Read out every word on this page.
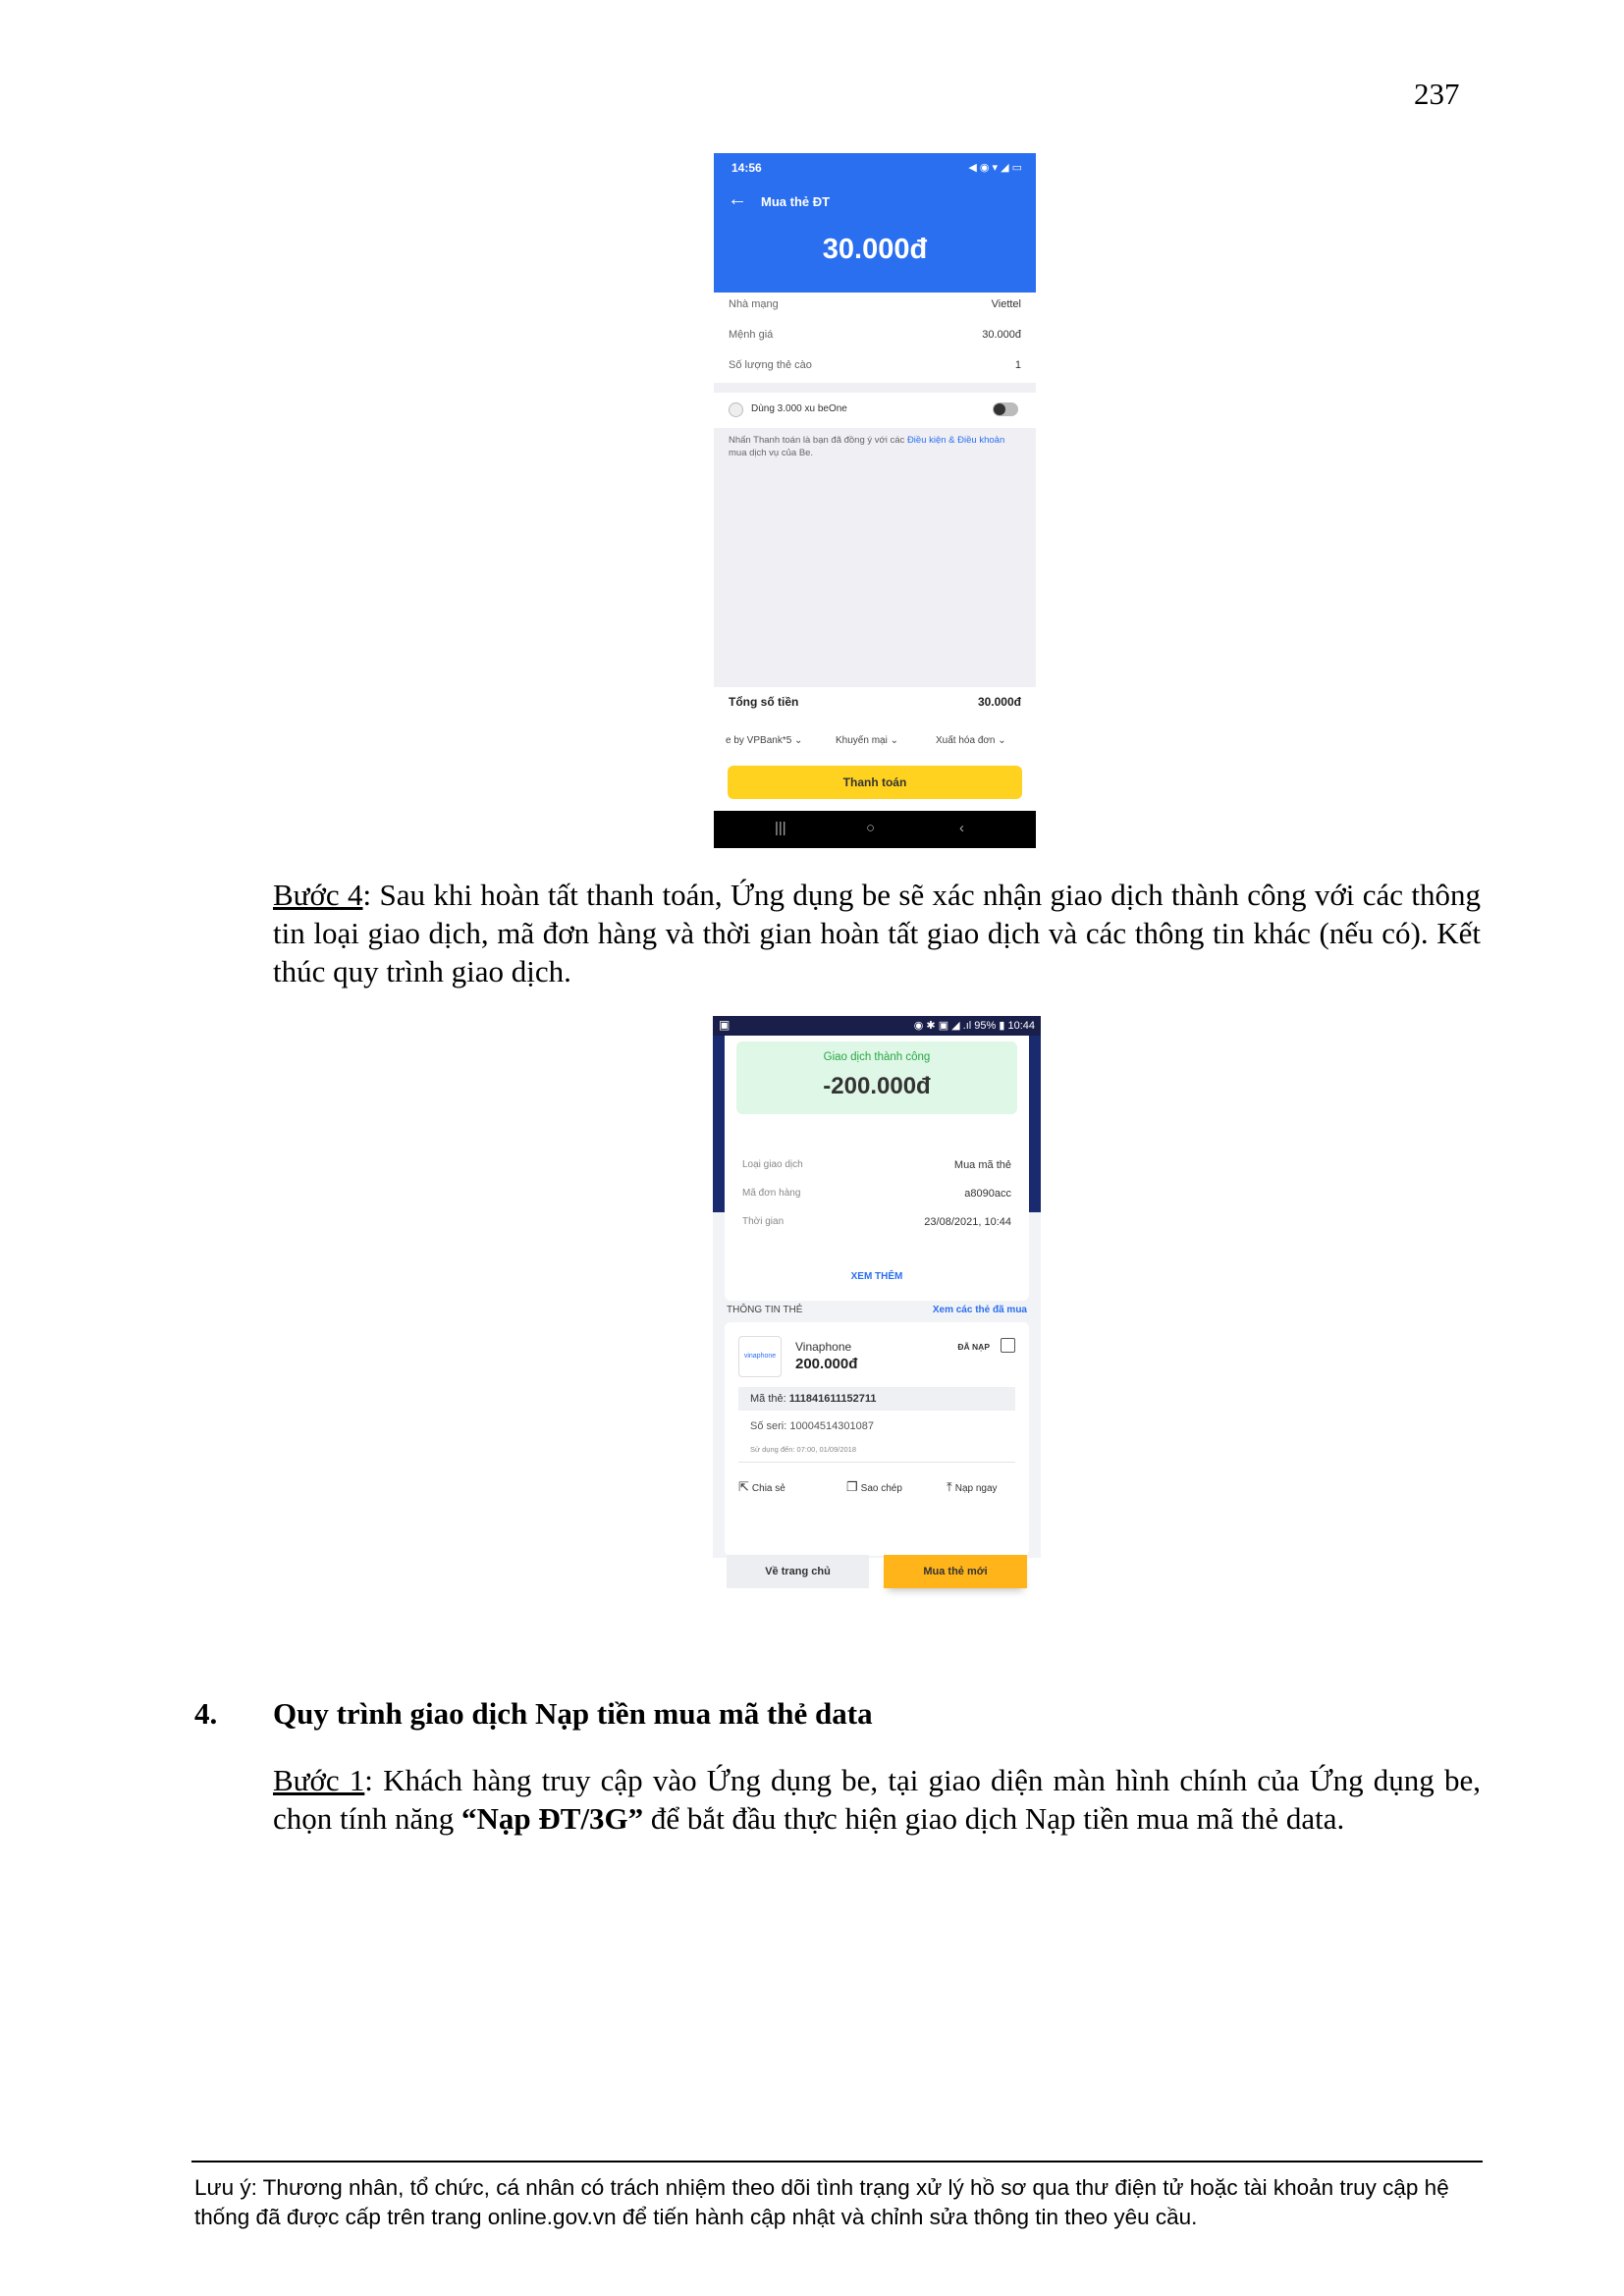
237
14:56	◀ ◉ ▾ ◢ ▭
← Mua thẻ ĐT
30.000đ
Nhà mạng	Viettel
Mệnh giá	30.000đ
Số lượng thẻ cào	1
Dùng 3.000 xu beOne
Nhấn Thanh toán là bạn đã đồng ý với các Điều kiện & Điều khoản mua dịch vụ của Be.
Tổng số tiền	30.000đ
e by VPBank*5 ⌄	Khuyến mại ⌄	Xuất hóa đơn ⌄
Thanh toán
|||	○	‹
Bước 4: Sau khi hoàn tất thanh toán, Ứng dụng be sẽ xác nhận giao dịch thành công với các thông tin loại giao dịch, mã đơn hàng và thời gian hoàn tất giao dịch và các thông tin khác (nếu có). Kết thúc quy trình giao dịch.
▣	◉ ✱ ▣ ◢ .ıl 95% ▮ 10:44
Giao dịch thành công
-200.000đ
Loại giao dịch	Mua mã thẻ
Mã đơn hàng	a8090acc
Thời gian	23/08/2021, 10:44
XEM THÊM
THÔNG TIN THẺ	Xem các thẻ đã mua
vinaphone
Vinaphone
200.000đ
ĐÃ NẠP
Mã thẻ: 111841611152711
Số seri: 10004514301087
Sử dụng đến: 07:00, 01/09/2018
⇱ Chia sẻ	❐ Sao chép	⤒ Nạp ngay
Về trang chủ	Mua thẻ mới
4. Quy trình giao dịch Nạp tiền mua mã thẻ data
Bước 1: Khách hàng truy cập vào Ứng dụng be, tại giao diện màn hình chính của Ứng dụng be, chọn tính năng “Nạp ĐT/3G” để bắt đầu thực hiện giao dịch Nạp tiền mua mã thẻ data.
Lưu ý: Thương nhân, tổ chức, cá nhân có trách nhiệm theo dõi tình trạng xử lý hồ sơ qua thư điện tử hoặc tài khoản truy cập hệ thống đã được cấp trên trang online.gov.vn để tiến hành cập nhật và chỉnh sửa thông tin theo yêu cầu.
